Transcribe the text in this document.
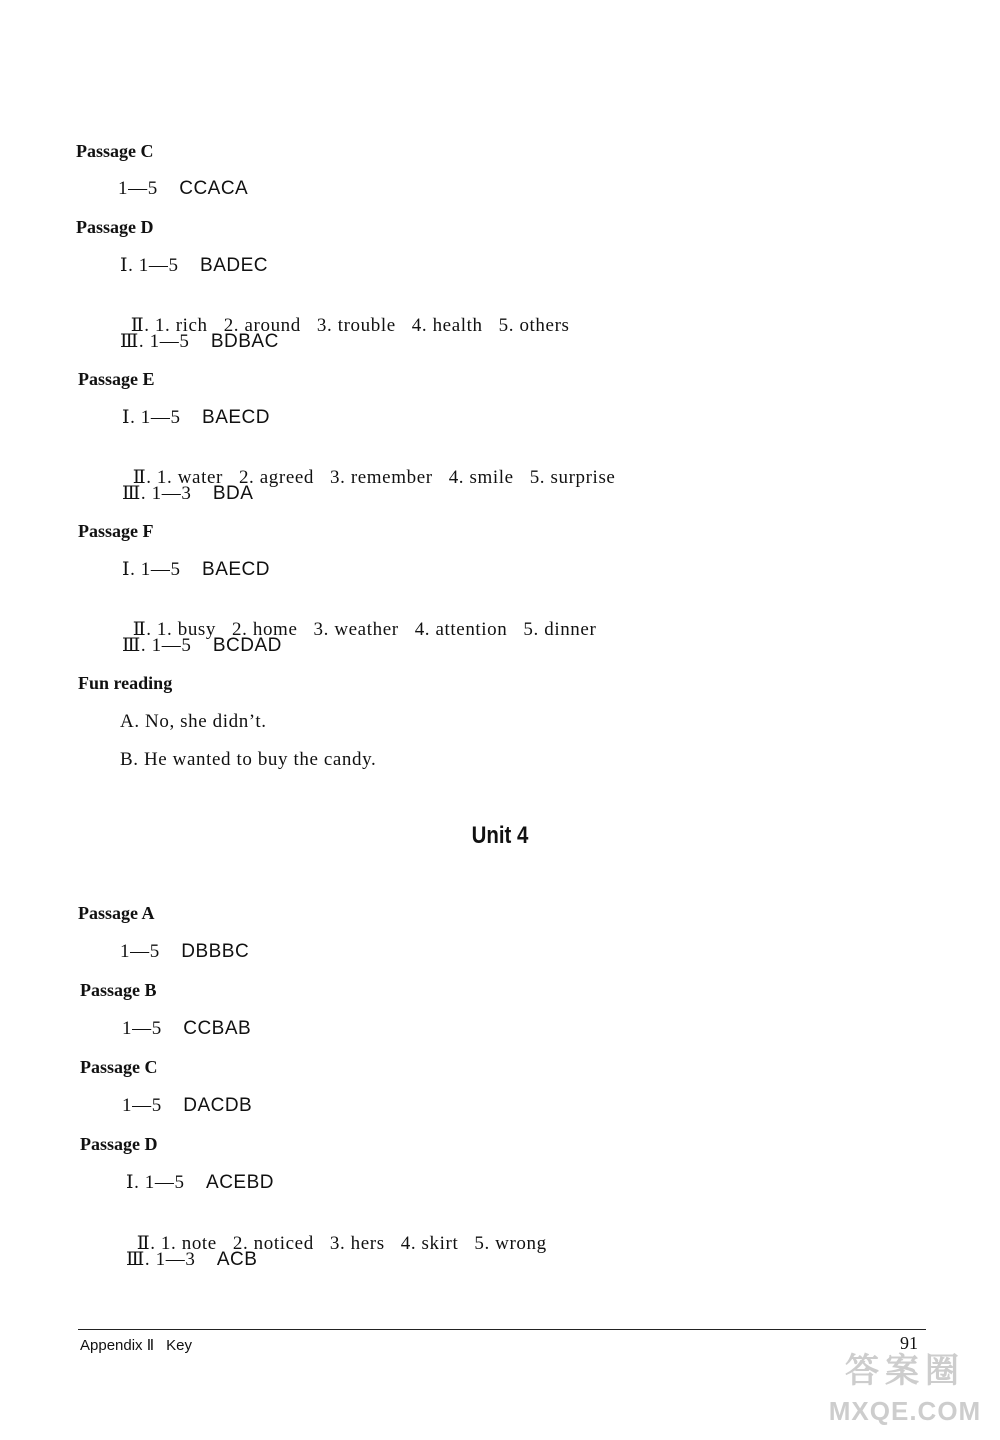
Passage C
1—5 CCACA
Passage D
Ⅰ. 1—5 BADEC

Ⅱ. 1. rich   2. around   3. trouble   4. health   5. others

Ⅲ. 1—5 BDBAC
Passage E
Ⅰ. 1—5 BAECD

Ⅱ. 1. water   2. agreed   3. remember   4. smile   5. surprise

Ⅲ. 1—3 BDA
Passage F
Ⅰ. 1—5 BAECD

Ⅱ. 1. busy   2. home   3. weather   4. attention   5. dinner

Ⅲ. 1—5 BCDAD
Fun reading
A. No, she didn’t.
B. He wanted to buy the candy.
Unit 4
Passage A
1—5 DBBBC
Passage B
1—5 CCBAB
Passage C
1—5 DACDB
Passage D
Ⅰ. 1—5 ACEBD

Ⅱ. 1. note   2. noticed   3. hers   4. skirt   5. wrong

Ⅲ. 1—3 ACB
Appendix Ⅱ Key	91
答案圈
MXQE.COM
